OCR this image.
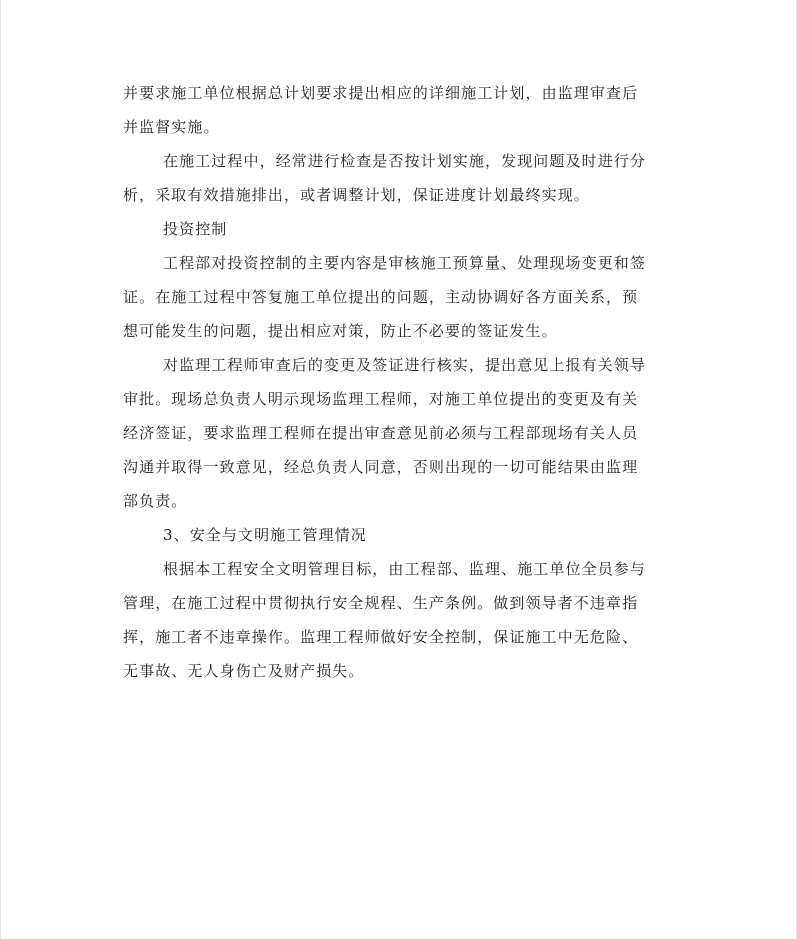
并要求施工单位根据总计划要求提出相应的详细施工计划，由监理审查后
并监督实施。
在施工过程中，经常进行检查是否按计划实施，发现问题及时进行分
析，采取有效措施排出，或者调整计划，保证进度计划最终实现。
投资控制
工程部对投资控制的主要内容是审核施工预算量、处理现场变更和签
证。在施工过程中答复施工单位提出的问题，主动协调好各方面关系，预
想可能发生的问题，提出相应对策，防止不必要的签证发生。
对监理工程师审查后的变更及签证进行核实，提出意见上报有关领导
审批。现场总负责人明示现场监理工程师，对施工单位提出的变更及有关
经济签证，要求监理工程师在提出审查意见前必须与工程部现场有关人员
沟通并取得一致意见，经总负责人同意，否则出现的一切可能结果由监理
部负责。
3、安全与文明施工管理情况
根据本工程安全文明管理目标，由工程部、监理、施工单位全员参与
管理，在施工过程中贯彻执行安全规程、生产条例。做到领导者不违章指
挥，施工者不违章操作。监理工程师做好安全控制，保证施工中无危险、
无事故、无人身伤亡及财产损失。
